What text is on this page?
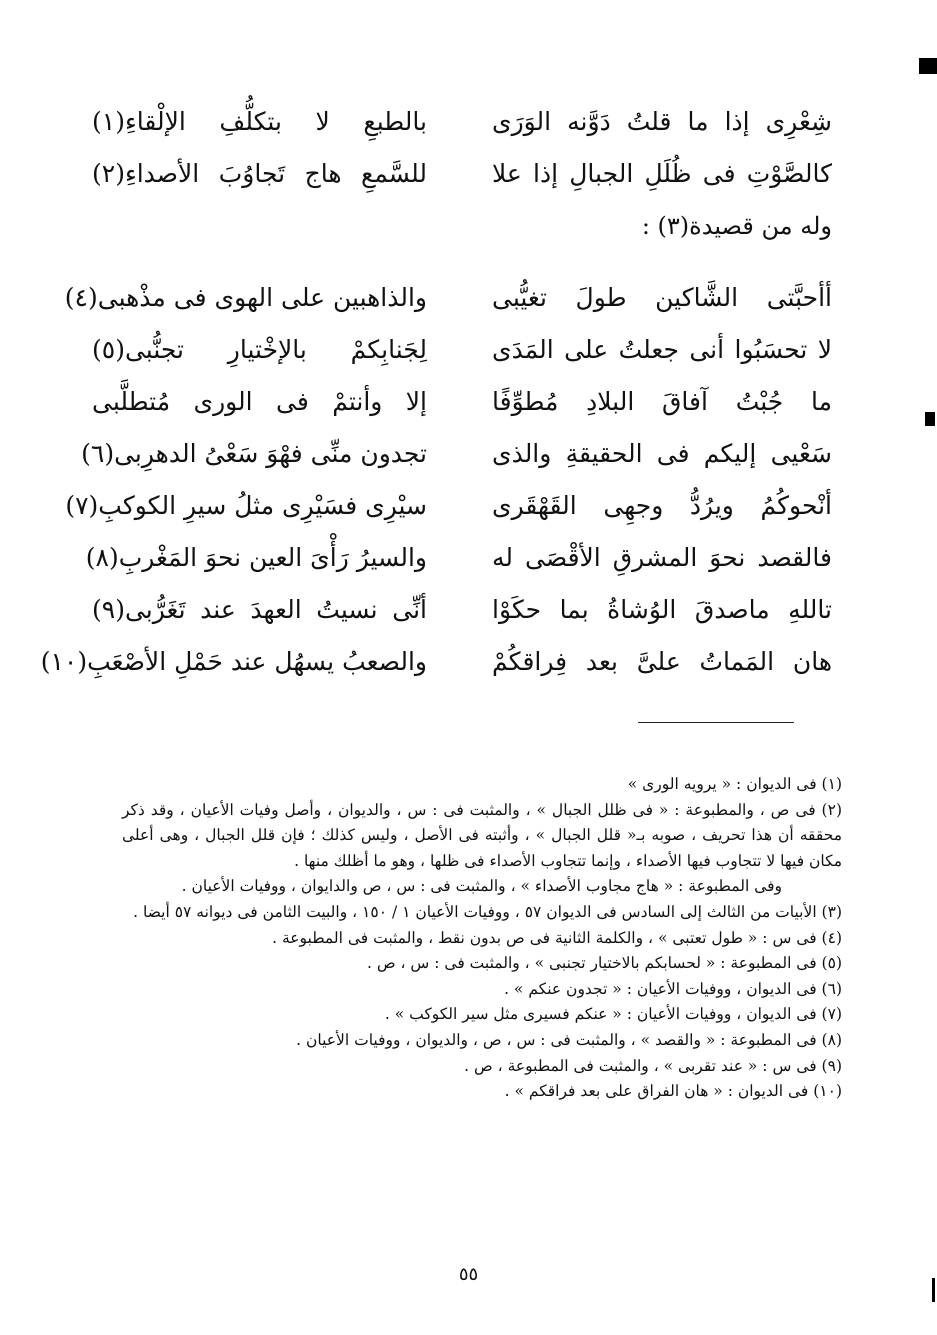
شِعْرِى إذا ما قلتُ دَوَّنه الوَرَى
بالطبعِ لا بتكلُّفِ الإلْقاءِ(١)
كالصَّوْتِ فى ظُلَلِ الجبالِ إذا علا
للسَّمعِ هاج تَجاوُبَ الأصداءِ(٢)
وله من قصيدة(٣) :
أأحبَّتى الشَّاكين طولَ تغيُّبى
والذاهبين على الهوى فى مذْهبى(٤)
لا تحسَبُوا أنى جعلتُ على المَدَى
لِجَنابِكمْ بالإخْتيارِ تجنُّبى(٥)
ما جُبْتُ آفاقَ البلادِ مُطوِّفًا
إلا وأنتمْ فى الورى مُتطلَّبى
سَعْيى إليكم فى الحقيقةِ والذى
تجدون منِّى فهْوَ سَعْىُ الدهرِبى(٦)
أنْحوكُمُ ويرُدُّ وجهِى القَهْقَرى
سيْرِى فسَيْرِى مثلُ سيرِ الكوكبِ(٧)
فالقصد نحوَ المشرقِ الأقْصَى له
والسيرُ رَأْىَ العين نحوَ المَغْربِ(٨)
تاللهِ ماصدقَ الوُشاةُ بما حكَوْا
أنِّى نسيتُ العهدَ عند تَغَرُّبى(٩)
هان المَماتُ علىَّ بعد فِراقكُمْ
والصعبُ يسهُل عند حَمْلِ الأصْعَبِ(١٠)
(١) فى الديوان : « يرويه الورى »
(٢) فى ص ، والمطبوعة : « فى ظلل الجبال » ، والمثبت فى : س ، والديوان ، وأصل وفيات الأعيان ، وقد ذكر محققه أن هذا تحريف ، صوبه بـ« قلل الجبال » ، وأثبته فى الأصل ، وليس كذلك ؛ فإن قلل الجبال ، وهى أعلى مكان فيها لا تتجاوب فيها الأصداء ، وإنما تتجاوب الأصداء فى ظلها ، وهو ما أظلك منها .
وفى المطبوعة : « هاج مجاوب الأصداء » ، والمثبت فى : س ، ص والدايوان ، ووفيات الأعيان .
(٣) الأبيات من الثالث إلى السادس فى الديوان ٥٧ ، ووفيات الأعيان ١ / ١٥٠ ، والبيت الثامن فى ديوانه ٥٧ أيضا .
(٤) فى س : « طول تعتبى » ، والكلمة الثانية فى ص بدون نقط ، والمثبت فى المطبوعة .
(٥) فى المطبوعة : « لحسابكم بالاختيار تجنبى » ، والمثبت فى : س ، ص .
(٦) فى الديوان ، ووفيات الأعيان : « تجدون عنكم » .
(٧) فى الديوان ، ووفيات الأعيان : « عنكم فسيرى مثل سير الكوكب » .
(٨) فى المطبوعة : « والقصد » ، والمثبت فى : س ، ص ، والديوان ، ووفيات الأعيان .
(٩) فى س : « عند تقربى » ، والمثبت فى المطبوعة ، ص .
(١٠) فى الديوان : « هان الفراق على بعد فراقكم » .
٥٥
